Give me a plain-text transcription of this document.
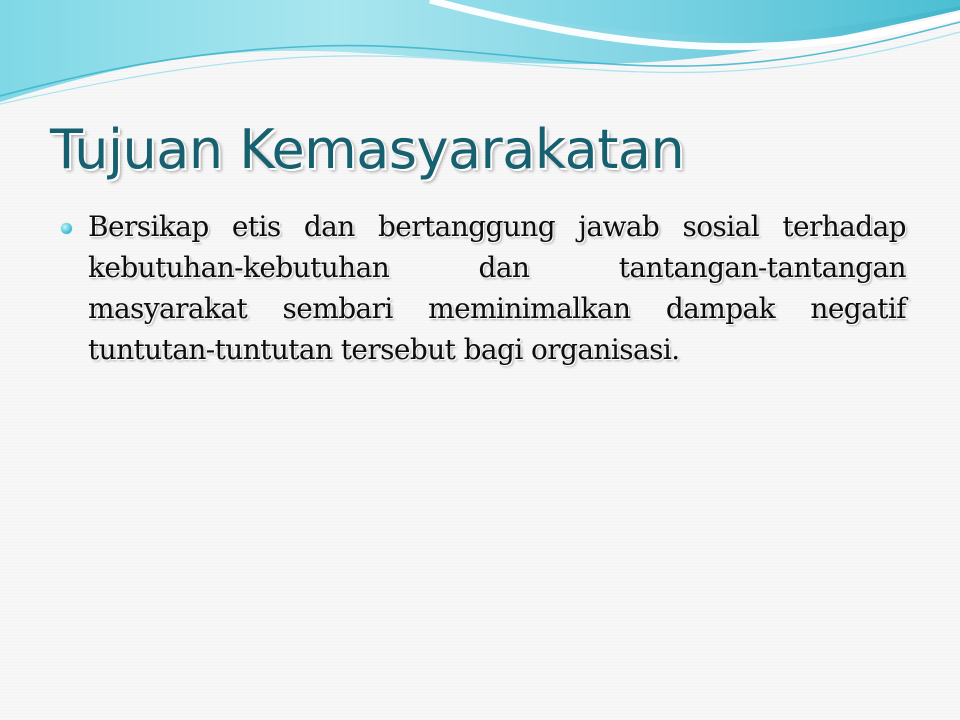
Tujuan Kemasyarakatan
Bersikap etis dan bertanggung jawab sosial terhadap kebutuhan-kebutuhan dan tantangan-tantangan masyarakat sembari meminimalkan dampak negatif tuntutan-tuntutan tersebut bagi organisasi.
